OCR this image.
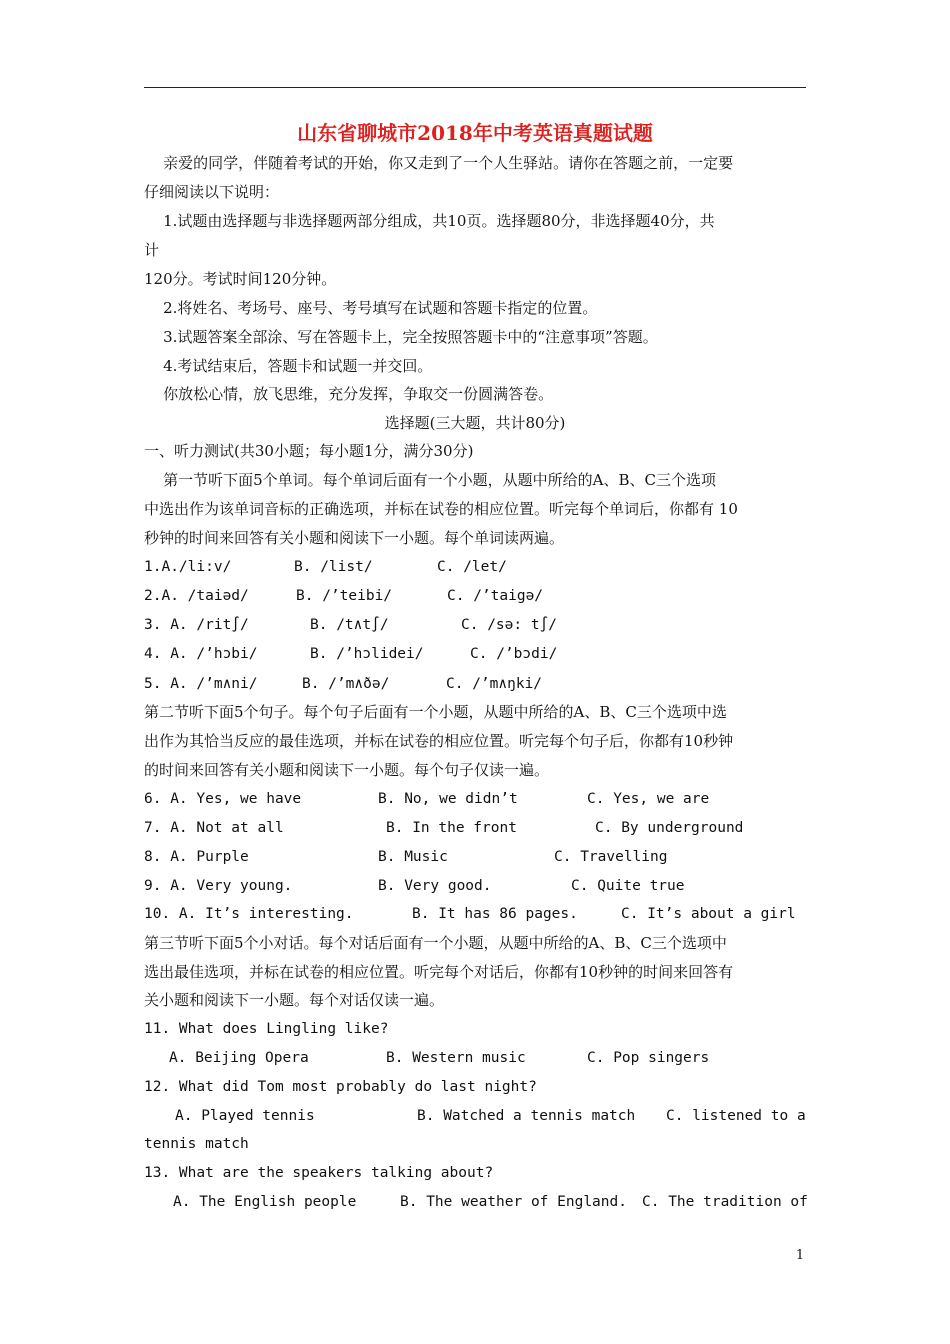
山东省聊城市2018年中考英语真题试题
亲爱的同学，伴随着考试的开始，你又走到了一个人生驿站。请你在答题之前，一定要
仔细阅读以下说明：
1.试题由选择题与非选择题两部分组成，共10页。选择题80分，非选择题40分，共
计
120分。考试时间120分钟。
2.将姓名、考场号、座号、考号填写在试题和答题卡指定的位置。
3.试题答案全部涂、写在答题卡上，完全按照答题卡中的“注意事项”答题。
4.考试结束后，答题卡和试题一并交回。
你放松心情，放飞思维，充分发挥，争取交一份圆满答卷。
选择题(三大题，共计80分)
一、听力测试(共30小题；每小题1分，满分30分)
第一节听下面5个单词。每个单词后面有一个小题，从题中所给的A、B、C三个选项
中选出作为该单词音标的正确选项，并标在试卷的相应位置。听完每个单词后，你都有 10
秒钟的时间来回答有关小题和阅读下一小题。每个单词读两遍。
1.A./li:v/	B. /list/	C. /let/
2.A. /taiəd/	B. /’teibi/	C. /’taigə/
3. A. /rit∫/	B. /t∧t∫/	C. /sə: t∫/
4. A. /’hɔbi/	B. /’hɔlidei/	C. /’bɔdi/
5. A. /’m∧ni/	B. /’m∧ðə/	C. /’m∧ŋki/
第二节听下面5个句子。每个句子后面有一个小题，从题中所给的A、B、C三个选项中选
出作为其恰当反应的最佳选项，并标在试卷的相应位置。听完每个句子后，你都有10秒钟
的时间来回答有关小题和阅读下一小题。每个句子仅读一遍。
6. A. Yes, we have	B. No, we didn’t	C. Yes, we are
7. A. Not at all	B. In the front	C. By underground
8. A. Purple	B. Music	C. Travelling
9. A. Very young.	B. Very good.	C. Quite true
10. A. It’s interesting.	B. It has 86 pages.	C. It’s about a girl
第三节听下面5个小对话。每个对话后面有一个小题，从题中所给的A、B、C三个选项中
选出最佳选项，并标在试卷的相应位置。听完每个对话后，你都有10秒钟的时间来回答有
关小题和阅读下一小题。每个对话仅读一遍。
11. What does Lingling like?
A. Beijing Opera	B. Western music	C. Pop singers
12. What did Tom most probably do last night?
A. Played tennis	B. Watched a tennis match C. listened to a
tennis match
13. What are the speakers talking about?
A. The English people	B. The weather of England. C. The tradition of
1
